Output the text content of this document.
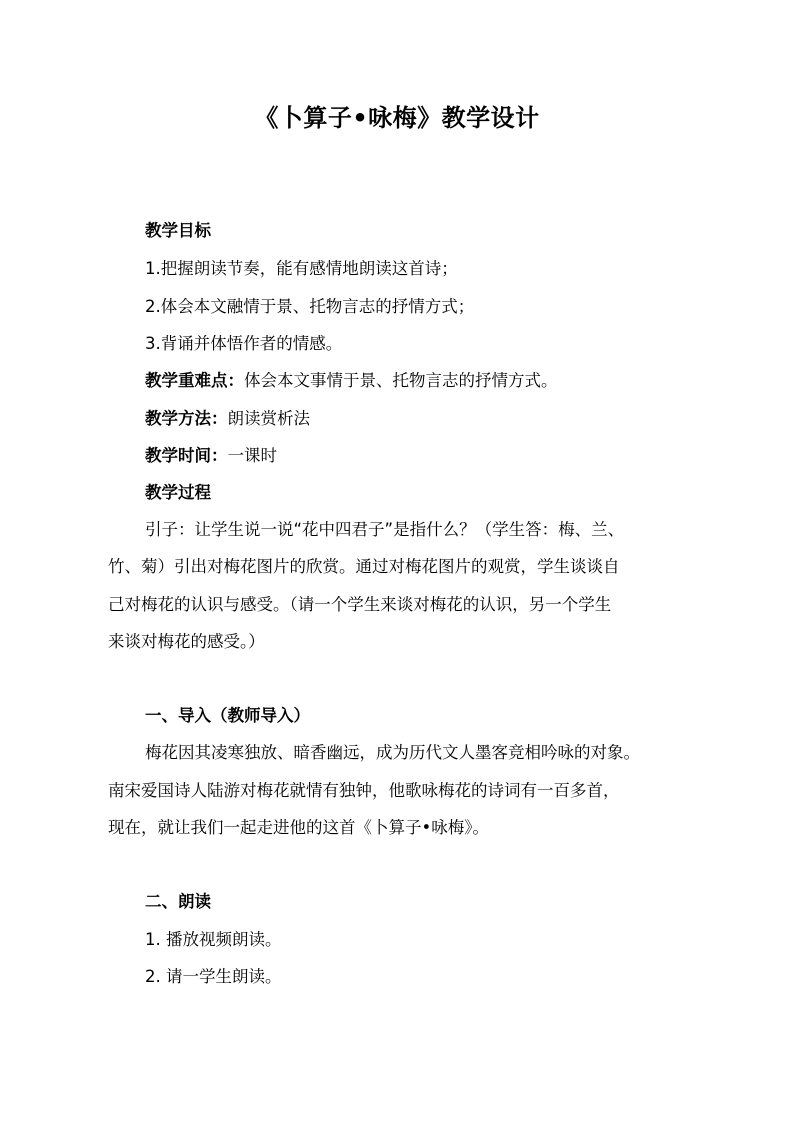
《卜算子•咏梅》教学设计
教学目标
1.把握朗读节奏，能有感情地朗读这首诗；
2.体会本文融情于景、托物言志的抒情方式；
3.背诵并体悟作者的情感。
教学重难点：体会本文事情于景、托物言志的抒情方式。
教学方法：朗读赏析法
教学时间：一课时
教学过程
引子：让学生说一说“花中四君子”是指什么？（学生答：梅、兰、
竹、菊）引出对梅花图片的欣赏。通过对梅花图片的观赏，学生谈谈自
己对梅花的认识与感受。（请一个学生来谈对梅花的认识，另一个学生
来谈对梅花的感受。）
一、导入（教师导入）
梅花因其凌寒独放、暗香幽远，成为历代文人墨客竞相吟咏的对象。
南宋爱国诗人陆游对梅花就情有独钟，他歌咏梅花的诗词有一百多首，
现在，就让我们一起走进他的这首《卜算子•咏梅》。
二、朗读
1. 播放视频朗读。
2. 请一学生朗读。
